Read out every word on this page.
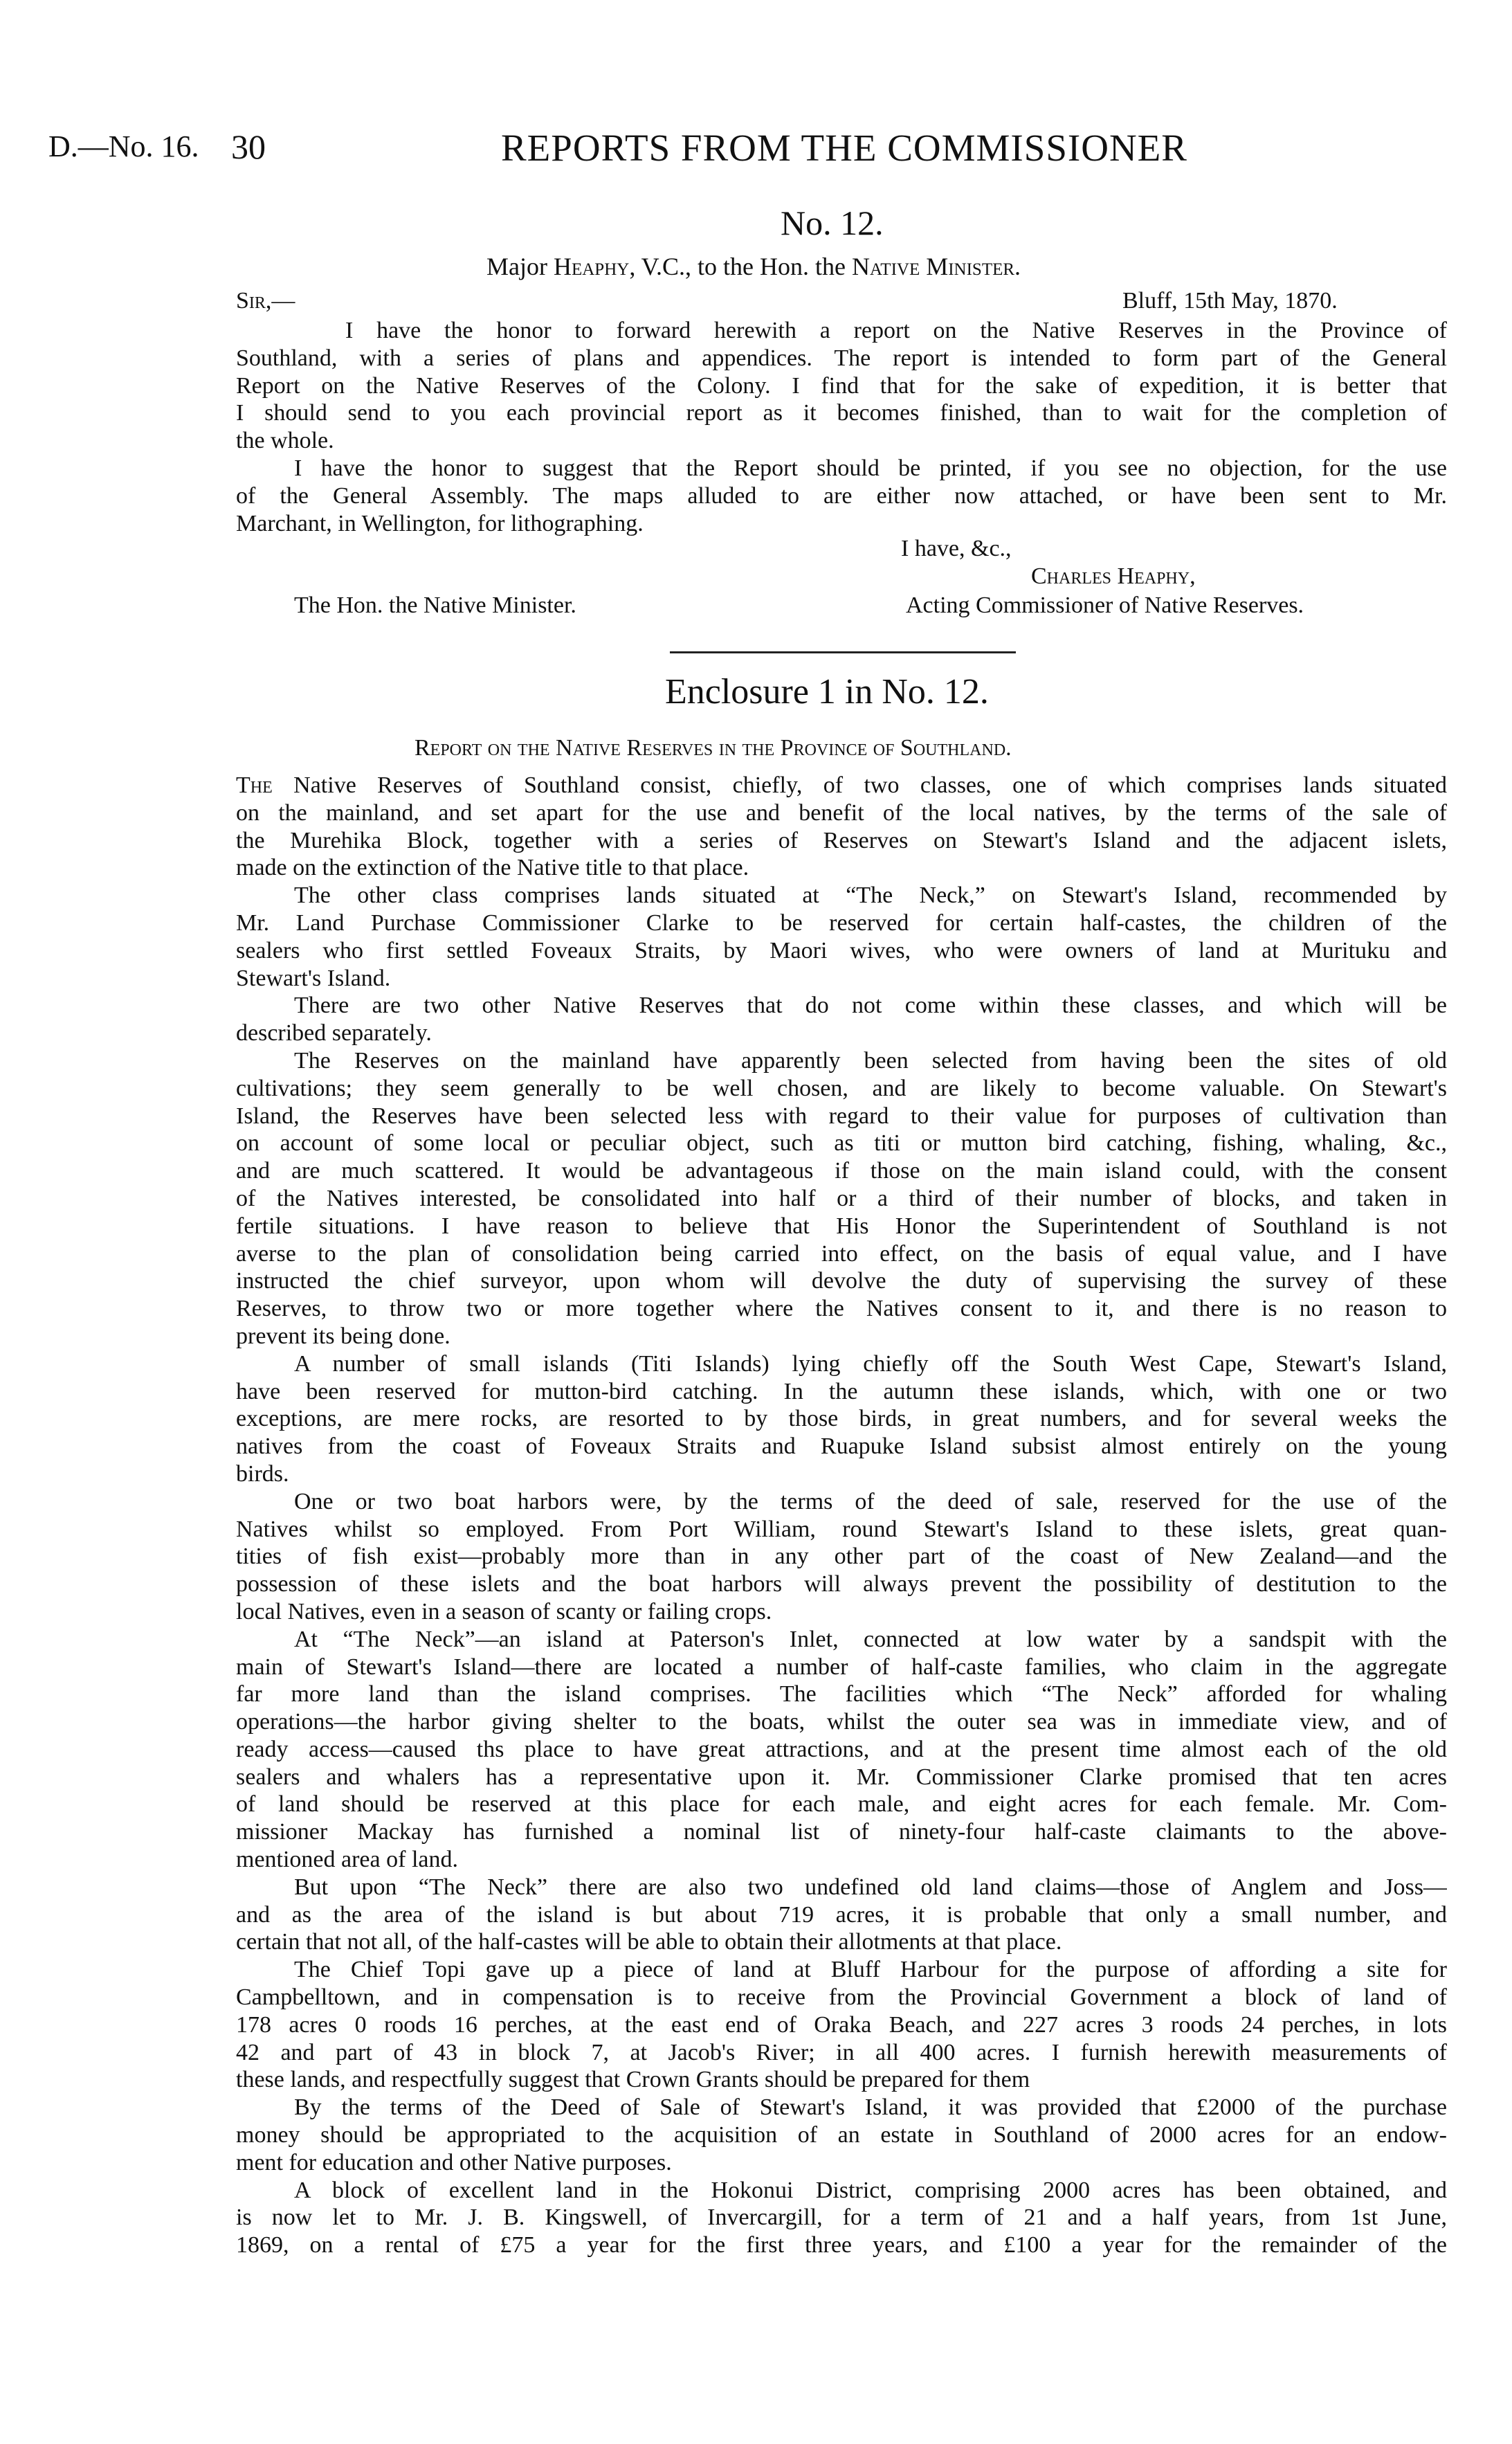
D.—No. 16. 30	REPORTS FROM THE COMMISSIONER
No. 12.
Major Heaphy, V.C., to the Hon. the Native Minister.
Sir,—	Bluff, 15th May, 1870.
I have the honor to forward herewith a report on the Native Reserves in the Province of
Southland, with a series of plans and appendices. The report is intended to form part of the General
Report on the Native Reserves of the Colony. I find that for the sake of expedition, it is better that
I should send to you each provincial report as it becomes finished, than to wait for the completion of
the whole.
I have the honor to suggest that the Report should be printed, if you see no objection, for the use
of the General Assembly. The maps alluded to are either now attached, or have been sent to Mr.
Marchant, in Wellington, for lithographing.
I have, &c.,
Charles Heaphy,
The Hon. the Native Minister.	Acting Commissioner of Native Reserves.
Enclosure 1 in No. 12.
Report on the Native Reserves in the Province of Southland.
The Native Reserves of Southland consist, chiefly, of two classes, one of which comprises lands situated
on the mainland, and set apart for the use and benefit of the local natives, by the terms of the sale of
the Murehika Block, together with a series of Reserves on Stewart's Island and the adjacent islets,
made on the extinction of the Native title to that place.
The other class comprises lands situated at “The Neck,” on Stewart's Island, recommended by
Mr. Land Purchase Commissioner Clarke to be reserved for certain half-castes, the children of the
sealers who first settled Foveaux Straits, by Maori wives, who were owners of land at Murituku and
Stewart's Island.
There are two other Native Reserves that do not come within these classes, and which will be
described separately.
The Reserves on the mainland have apparently been selected from having been the sites of old
cultivations; they seem generally to be well chosen, and are likely to become valuable. On Stewart's
Island, the Reserves have been selected less with regard to their value for purposes of cultivation than
on account of some local or peculiar object, such as titi or mutton bird catching, fishing, whaling, &c.,
and are much scattered. It would be advantageous if those on the main island could, with the consent
of the Natives interested, be consolidated into half or a third of their number of blocks, and taken in
fertile situations. I have reason to believe that His Honor the Superintendent of Southland is not
averse to the plan of consolidation being carried into effect, on the basis of equal value, and I have
instructed the chief surveyor, upon whom will devolve the duty of supervising the survey of these
Reserves, to throw two or more together where the Natives consent to it, and there is no reason to
prevent its being done.
A number of small islands (Titi Islands) lying chiefly off the South West Cape, Stewart's Island,
have been reserved for mutton-bird catching. In the autumn these islands, which, with one or two
exceptions, are mere rocks, are resorted to by those birds, in great numbers, and for several weeks the
natives from the coast of Foveaux Straits and Ruapuke Island subsist almost entirely on the young
birds.
One or two boat harbors were, by the terms of the deed of sale, reserved for the use of the
Natives whilst so employed. From Port William, round Stewart's Island to these islets, great quan-
tities of fish exist—probably more than in any other part of the coast of New Zealand—and the
possession of these islets and the boat harbors will always prevent the possibility of destitution to the
local Natives, even in a season of scanty or failing crops.
At “The Neck”—an island at Paterson's Inlet, connected at low water by a sandspit with the
main of Stewart's Island—there are located a number of half-caste families, who claim in the aggregate
far more land than the island comprises. The facilities which “The Neck” afforded for whaling
operations—the harbor giving shelter to the boats, whilst the outer sea was in immediate view, and of
ready access—caused ths place to have great attractions, and at the present time almost each of the old
sealers and whalers has a representative upon it. Mr. Commissioner Clarke promised that ten acres
of land should be reserved at this place for each male, and eight acres for each female. Mr. Com-
missioner Mackay has furnished a nominal list of ninety-four half-caste claimants to the above-
mentioned area of land.
But upon “The Neck” there are also two undefined old land claims—those of Anglem and Joss—
and as the area of the island is but about 719 acres, it is probable that only a small number, and
certain that not all, of the half-castes will be able to obtain their allotments at that place.
The Chief Topi gave up a piece of land at Bluff Harbour for the purpose of affording a site for
Campbelltown, and in compensation is to receive from the Provincial Government a block of land of
178 acres 0 roods 16 perches, at the east end of Oraka Beach, and 227 acres 3 roods 24 perches, in lots
42 and part of 43 in block 7, at Jacob's River; in all 400 acres. I furnish herewith measurements of
these lands, and respectfully suggest that Crown Grants should be prepared for them
By the terms of the Deed of Sale of Stewart's Island, it was provided that £2000 of the purchase
money should be appropriated to the acquisition of an estate in Southland of 2000 acres for an endow-
ment for education and other Native purposes.
A block of excellent land in the Hokonui District, comprising 2000 acres has been obtained, and
is now let to Mr. J. B. Kingswell, of Invercargill, for a term of 21 and a half years, from 1st June,
1869, on a rental of £75 a year for the first three years, and £100 a year for the remainder of the
